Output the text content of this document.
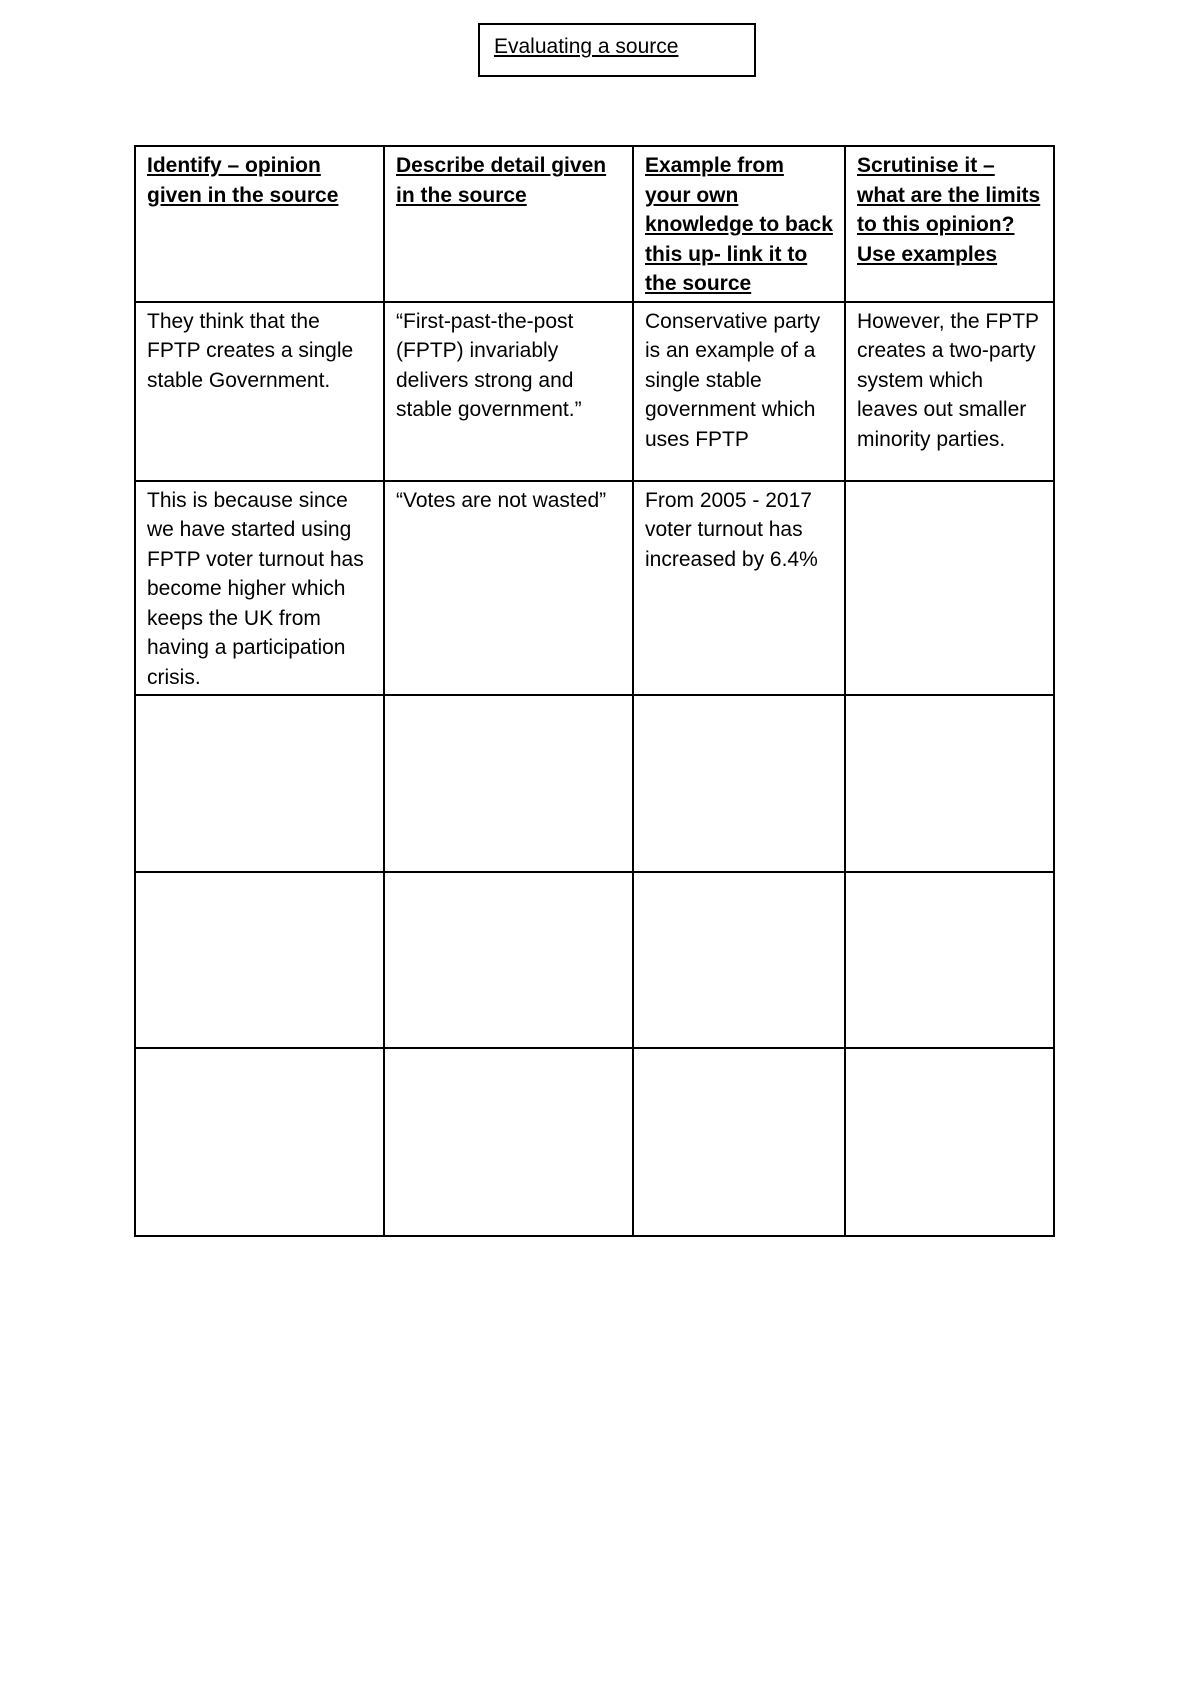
Evaluating a source
Identify – opinion given in the source	Describe detail given in the source	Example from your own knowledge to back this up- link it to the source	Scrutinise it – what are the limits to this opinion? Use examples
They think that the FPTP creates a single stable Government.	“First-past-the-post (FPTP) invariably delivers strong and stable government.”	Conservative party is an example of a single stable government which uses FPTP	However, the FPTP creates a two-party system which leaves out smaller minority parties.
This is because since we have started using FPTP voter turnout has become higher which keeps the UK from having a participation crisis.	“Votes are not wasted”	From 2005 - 2017 voter turnout has increased by 6.4%	
